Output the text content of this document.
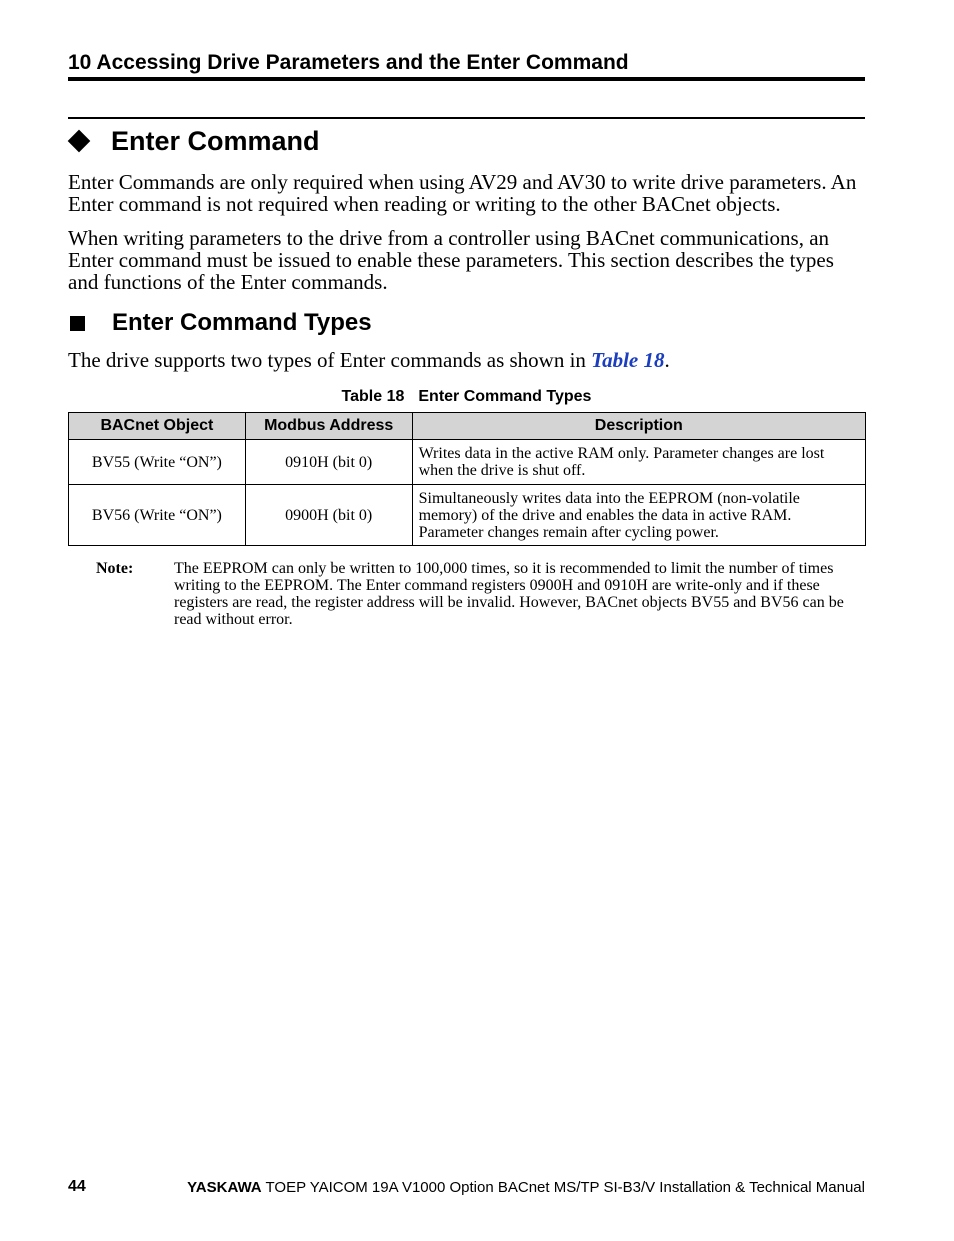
10 Accessing Drive Parameters and the Enter Command
Enter Command

Enter Commands are only required when using AV29 and AV30 to write drive parameters. An Enter command is not required when reading or writing to the other BACnet objects.

When writing parameters to the drive from a controller using BACnet communications, an Enter command must be issued to enable these parameters. This section describes the types and functions of the Enter commands.

Enter Command Types

The drive supports two types of Enter commands as shown in Table 18.

Table 18 Enter Command Types
BACnet Object	Modbus Address	Description
BV55 (Write “ON”)	0910H (bit 0)	Writes data in the active RAM only. Parameter changes are lost when the drive is shut off.
BV56 (Write “ON”)	0900H (bit 0)	Simultaneously writes data into the EEPROM (non-volatile memory) of the drive and enables the data in active RAM. Parameter changes remain after cycling power.
Note:	The EEPROM can only be written to 100,000 times, so it is recommended to limit the number of times writing to the EEPROM. The Enter command registers 0900H and 0910H are write-only and if these registers are read, the register address will be invalid. However, BACnet objects BV55 and BV56 can be read without error.

44	YASKAWA TOEP YAICOM 19A V1000 Option BACnet MS/TP SI-B3/V Installation & Technical Manual
